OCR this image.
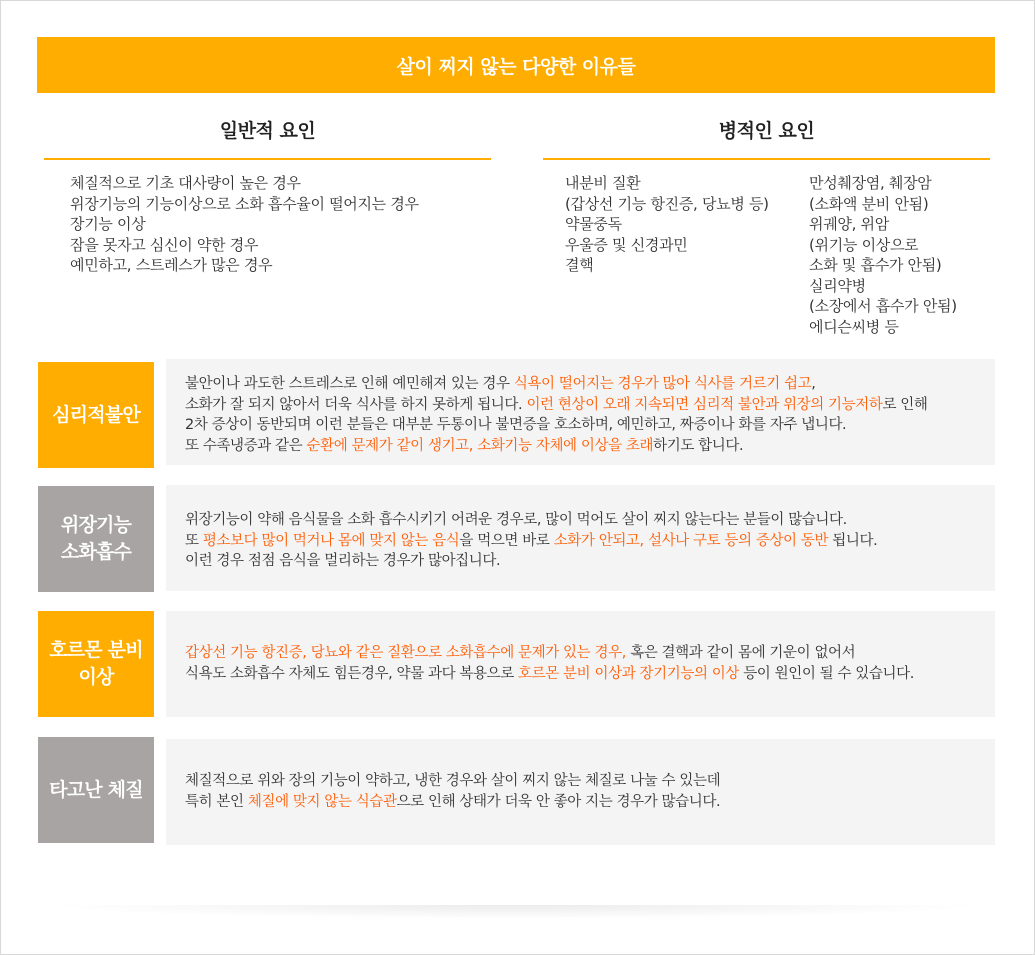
살이 찌지 않는 다양한 이유들
일반적 요인	병적인 요인
체질적으로 기초 대사량이 높은 경우
위장기능의 기능이상으로 소화 흡수율이 떨어지는 경우
장기능 이상
잠을 못자고 심신이 약한 경우
예민하고, 스트레스가 많은 경우
내분비 질환
(갑상선 기능 항진증, 당뇨병 등)
약물중독
우울증 및 신경과민
결핵
만성췌장염, 췌장암
(소화액 분비 안됨)
위궤양, 위암
(위기능 이상으로
소화 및 흡수가 안됨)
실리약병
(소장에서 흡수가 안됨)
에디슨씨병 등
심리적불안

불안이나 과도한 스트레스로 인해 예민해져 있는 경우 식욕이 떨어지는 경우가 많아 식사를 거르기 쉽고,

소화가 잘 되지 않아서 더욱 식사를 하지 못하게 됩니다. 이런 현상이 오래 지속되면 심리적 불안과 위장의 기능저하로 인해

2차 증상이 동반되며 이런 분들은 대부분 두통이나 불면증을 호소하며, 예민하고, 짜증이나 화를 자주 냅니다.

또 수족냉증과 같은 순환에 문제가 같이 생기고, 소화기능 자체에 이상을 초래하기도 합니다.

위장기능
소화흡수

위장기능이 약해 음식물을 소화 흡수시키기 어려운 경우로, 많이 먹어도 살이 찌지 않는다는 분들이 많습니다.

또 평소보다 많이 먹거나 몸에 맞지 않는 음식을 먹으면 바로 소화가 안되고, 설사나 구토 등의 증상이 동반 됩니다.

이런 경우 점점 음식을 멀리하는 경우가 많아집니다.

호르몬 분비
이상

갑상선 기능 항진증, 당뇨와 같은 질환으로 소화흡수에 문제가 있는 경우, 혹은 결핵과 같이 몸에 기운이 없어서

식욕도 소화흡수 자체도 힘든경우, 약물 과다 복용으로 호르몬 분비 이상과 장기기능의 이상 등이 원인이 될 수 있습니다.

타고난 체질	체질적으로 위와 장의 기능이 약하고, 냉한 경우와 살이 찌지 않는 체질로 나눌 수 있는데

특히 본인 체질에 맞지 않는 식습관으로 인해 상태가 더욱 안 좋아 지는 경우가 많습니다.
